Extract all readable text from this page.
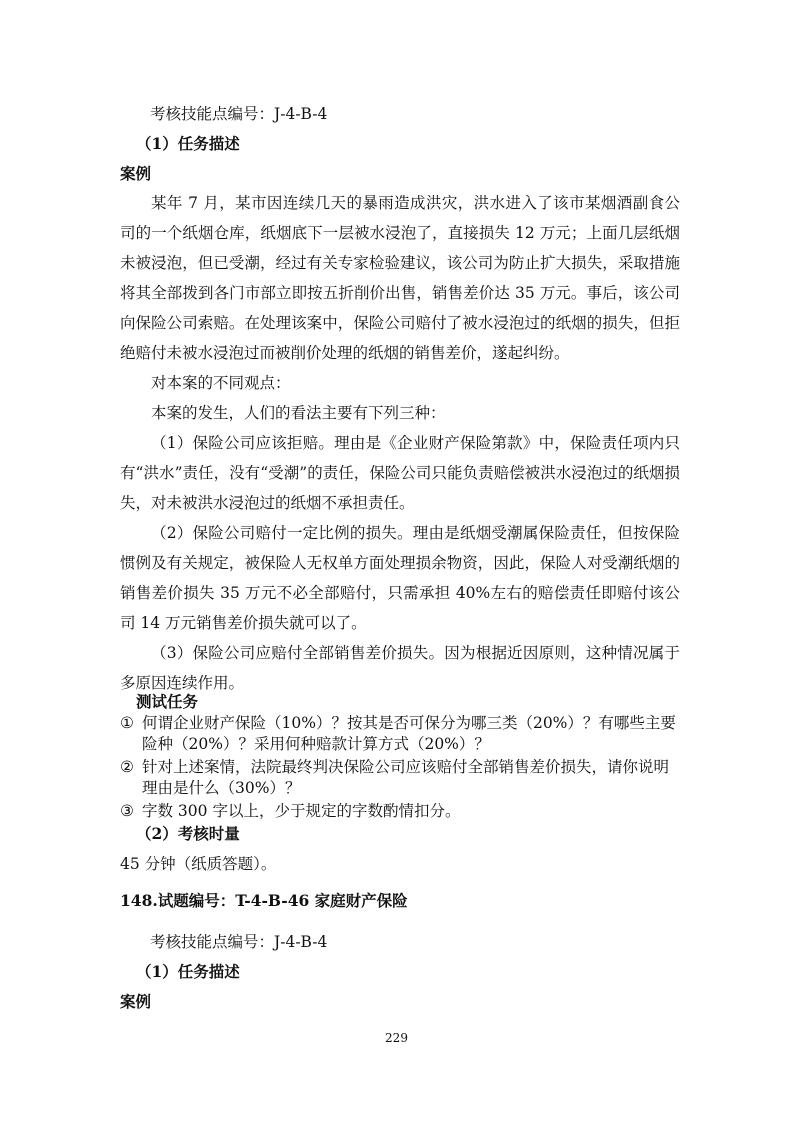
考核技能点编号：J-4-B-4
（1）任务描述
案例

某年 7 月，某市因连续几天的暴雨造成洪灾，洪水进入了该市某烟酒副食公司的一个纸烟仓库，纸烟底下一层被水浸泡了，直接损失 12 万元；上面几层纸烟未被浸泡，但已受潮，经过有关专家检验建议，该公司为防止扩大损失，采取措施将其全部拨到各门市部立即按五折削价出售，销售差价达 35 万元。事后，该公司向保险公司索赔。在处理该案中，保险公司赔付了被水浸泡过的纸烟的损失，但拒绝赔付未被水浸泡过而被削价处理的纸烟的销售差价，遂起纠纷。

对本案的不同观点：

本案的发生，人们的看法主要有下列三种：

（1）保险公司应该拒赔。理由是《企业财产保险第款》中，保险责任项内只有“洪水”责任，没有“受潮”的责任，保险公司只能负责赔偿被洪水浸泡过的纸烟损失，对未被洪水浸泡过的纸烟不承担责任。

（2）保险公司赔付一定比例的损失。理由是纸烟受潮属保险责任，但按保险惯例及有关规定，被保险人无权单方面处理损余物资，因此，保险人对受潮纸烟的销售差价损失 35 万元不必全部赔付，只需承担 40%左右的赔偿责任即赔付该公司 14 万元销售差价损失就可以了。

（3）保险公司应赔付全部销售差价损失。因为根据近因原则，这种情况属于多原因连续作用。

测试任务
① 何谓企业财产保险（10%）？按其是否可保分为哪三类（20%）？有哪些主要险种（20%）？采用何种赔款计算方式（20%）？
② 针对上述案情，法院最终判决保险公司应该赔付全部销售差价损失，请你说明理由是什么（30%）？
③ 字数 300 字以上，少于规定的字数酌情扣分。
（2）考核时量
45 分钟（纸质答题）。
148.试题编号：T-4-B-46 家庭财产保险
考核技能点编号：J-4-B-4
（1）任务描述
案例
229
